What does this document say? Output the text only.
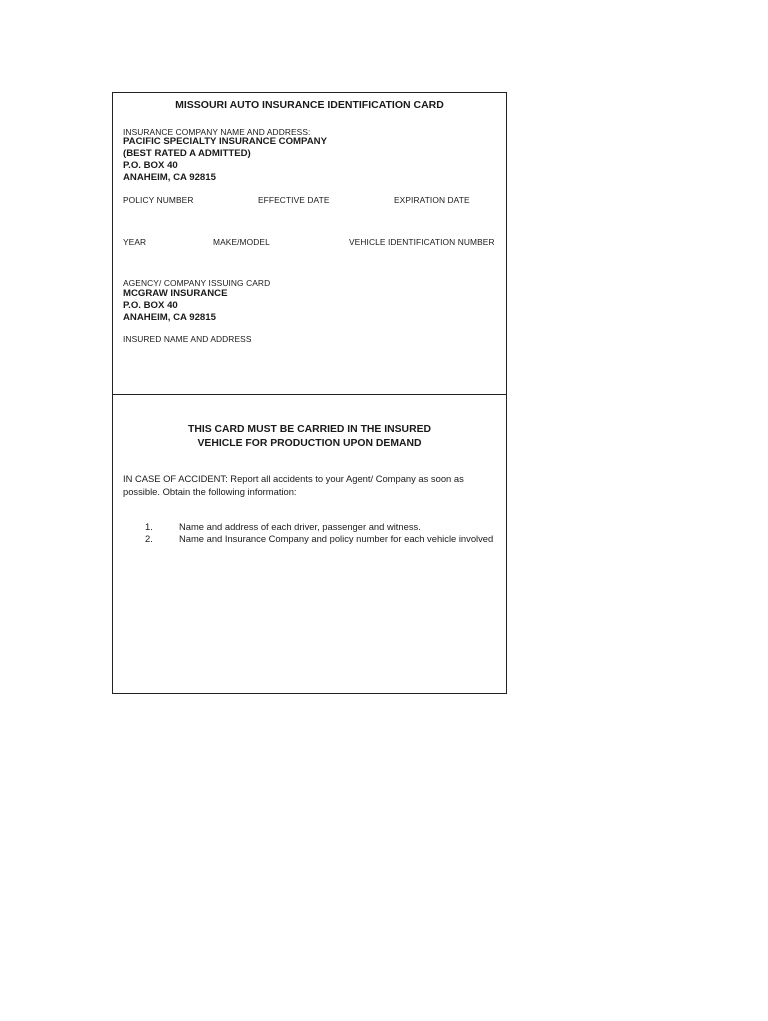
MISSOURI AUTO INSURANCE IDENTIFICATION CARD
INSURANCE COMPANY NAME AND ADDRESS:
PACIFIC SPECIALTY INSURANCE COMPANY
(BEST RATED A ADMITTED)
P.O. BOX 40
ANAHEIM, CA 92815
POLICY NUMBER	EFFECTIVE DATE	EXPIRATION DATE
YEAR	MAKE/MODEL	VEHICLE IDENTIFICATION NUMBER
AGENCY/ COMPANY ISSUING CARD
MCGRAW INSURANCE
P.O. BOX 40
ANAHEIM, CA 92815
INSURED NAME AND ADDRESS
THIS CARD MUST BE CARRIED IN THE INSURED
VEHICLE FOR PRODUCTION UPON DEMAND
IN CASE OF ACCIDENT: Report all accidents to your Agent/ Company as soon as possible. Obtain the following information:
1.	Name and address of each driver, passenger and witness.
2.	Name and Insurance Company and policy number for each vehicle involved
